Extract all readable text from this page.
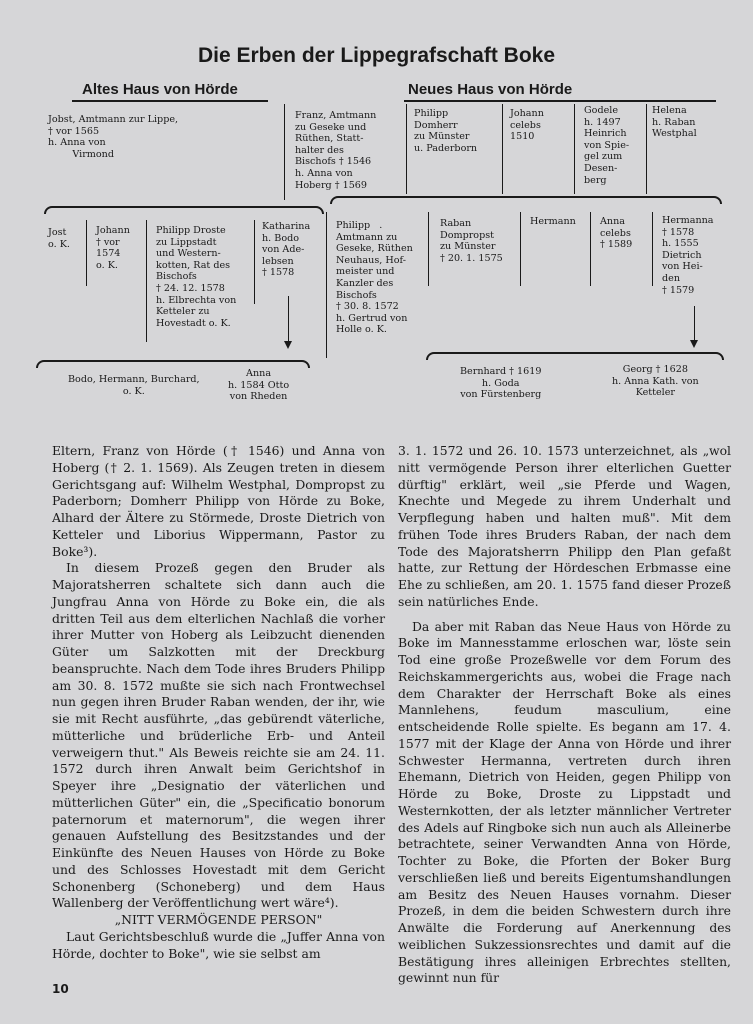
Die Erben der Lippegrafschaft Boke
Altes Haus von Hörde	Neues Haus von Hörde
Jobst, Amtmann zur Lippe,
† vor 1565
h. Anna von
Virmond
Franz, Amtmann
zu Geseke und
Rüthen, Statt-
halter des
Bischofs † 1546
h. Anna von
Hoberg † 1569
Philipp
Domherr
zu Münster
u. Paderborn
Johann
celebs
1510
Godele
h. 1497
Heinrich
von Spie-
gel zum
Desen-
berg
Helena
h. Raban
Westphal
Jost
o. K.
Johann
† vor
1574
o. K.
Philipp Droste
zu Lippstadt
und Western-
kotten, Rat des
Bischofs
† 24. 12. 1578
h. Elbrechta von
Ketteler zu
Hovestadt o. K.
Katharina
h. Bodo
von Ade-
lebsen
† 1578
Philipp   .
Amtmann zu
Geseke, Rüthen
Neuhaus, Hof-
meister und
Kanzler des
Bischofs
† 30. 8. 1572
h. Gertrud von
Holle o. K.
Raban
Dompropst
zu Münster
† 20. 1. 1575
Hermann	Anna
celebs
† 1589
Hermanna
† 1578
h. 1555
Dietrich
von Hei-
den
† 1579
Bodo, Hermann, Burchard,
o. K.
Anna
h. 1584 Otto
von Rheden
Bernhard † 1619
h. Goda
von Fürstenberg
Georg † 1628
h. Anna Kath. von
Ketteler

Eltern, Franz von Hörde († 1546) und Anna von Hoberg († 2. 1. 1569). Als Zeugen treten in diesem Gerichtsgang auf: Wilhelm Westphal, Dompropst zu Paderborn; Domherr Philipp von Hörde zu Boke, Alhard der Ältere zu Störmede, Droste Dietrich von Ketteler und Liborius Wippermann, Pastor zu Boke³).

In diesem Prozeß gegen den Bruder als Majoratsherren schaltete sich dann auch die Jungfrau Anna von Hörde zu Boke ein, die als dritten Teil aus dem elterlichen Nachlaß die vorher ihrer Mutter von Hoberg als Leibzucht dienenden Güter um Salzkotten mit der Dreckburg beanspruchte. Nach dem Tode ihres Bruders Philipp am 30. 8. 1572 mußte sie sich nach Frontwechsel nun gegen ihren Bruder Raban wenden, der ihr, wie sie mit Recht ausführte, „das gebürendt väterliche, mütterliche und brüderliche Erb- und Anteil verweigern thut." Als Beweis reichte sie am 24. 11. 1572 durch ihren Anwalt beim Gerichtshof in Speyer ihre „Designatio der väterlichen und mütterlichen Güter" ein, die „Specificatio bonorum paternorum et maternorum", die wegen ihrer genauen Aufstellung des Besitzstandes und der Einkünfte des Neuen Hauses von Hörde zu Boke und des Schlosses Hovestadt mit dem Gericht Schonenberg (Schoneberg) und dem Haus Wallenberg der Veröffentlichung wert wäre⁴).

„NITT VERMÖGENDE PERSON"

Laut Gerichtsbeschluß wurde die „Juffer Anna von Hörde, dochter to Boke", wie sie selbst am

3. 1. 1572 und 26. 10. 1573 unterzeichnet, als „wol nitt vermögende Person ihrer elterlichen Guetter dürftig" erklärt, weil „sie Pferde und Wagen, Knechte und Megede zu ihrem Underhalt und Verpflegung haben und halten muß". Mit dem frühen Tode ihres Bruders Raban, der nach dem Tode des Majoratsherrn Philipp den Plan gefaßt hatte, zur Rettung der Hördeschen Erbmasse eine Ehe zu schließen, am 20. 1. 1575 fand dieser Prozeß sein natürliches Ende.

Da aber mit Raban das Neue Haus von Hörde zu Boke im Mannesstamme erloschen war, löste sein Tod eine große Prozeßwelle vor dem Forum des Reichskammergerichts aus, wobei die Frage nach dem Charakter der Herrschaft Boke als eines Mannlehens, feudum masculium, eine entscheidende Rolle spielte. Es begann am 17. 4. 1577 mit der Klage der Anna von Hörde und ihrer Schwester Hermanna, vertreten durch ihren Ehemann, Dietrich von Heiden, gegen Philipp von Hörde zu Boke, Droste zu Lippstadt und Westernkotten, der als letzter männlicher Vertreter des Adels auf Ringboke sich nun auch als Alleinerbe betrachtete, seiner Verwandten Anna von Hörde, Tochter zu Boke, die Pforten der Boker Burg verschließen ließ und bereits Eigentumshandlungen am Besitz des Neuen Hauses vornahm. Dieser Prozeß, in dem die beiden Schwestern durch ihre Anwälte die Forderung auf Anerkennung des weiblichen Sukzessionsrechtes und damit auf die Bestätigung ihres alleinigen Erbrechtes stellten, gewinnt nun für

10
